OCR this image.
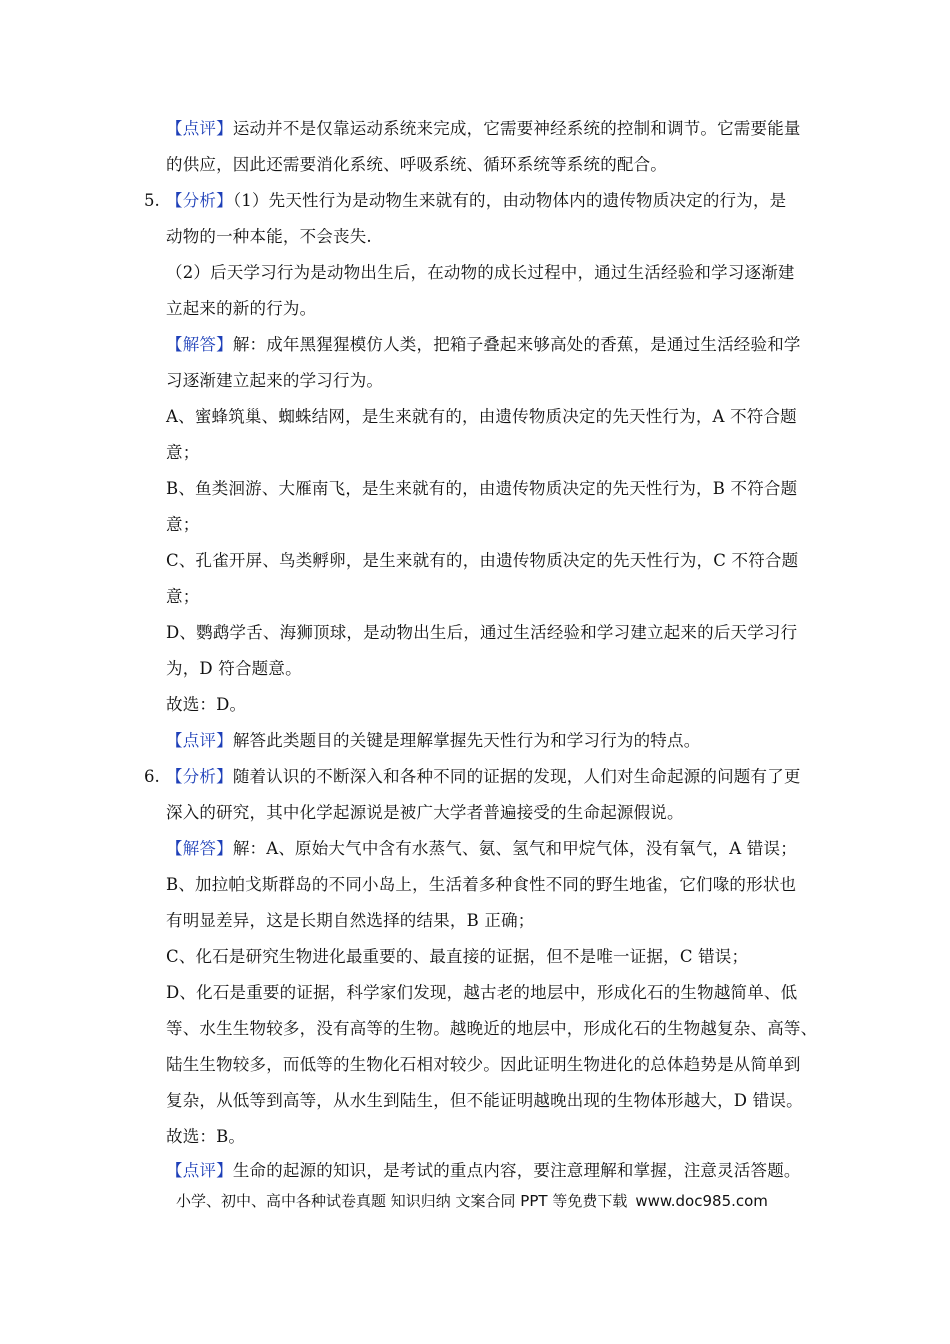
【点评】运动并不是仅靠运动系统来完成，它需要神经系统的控制和调节。它需要能量
的供应，因此还需要消化系统、呼吸系统、循环系统等系统的配合。
5. 【分析】（1）先天性行为是动物生来就有的，由动物体内的遗传物质决定的行为，是
动物的一种本能，不会丧失.
（2）后天学习行为是动物出生后，在动物的成长过程中，通过生活经验和学习逐渐建
立起来的新的行为。
【解答】解：成年黑猩猩模仿人类，把箱子叠起来够高处的香蕉，是通过生活经验和学
习逐渐建立起来的学习行为。
A、蜜蜂筑巢、蜘蛛结网，是生来就有的，由遗传物质决定的先天性行为，A 不符合题
意；
B、鱼类洄游、大雁南飞，是生来就有的，由遗传物质决定的先天性行为，B 不符合题
意；
C、孔雀开屏、鸟类孵卵，是生来就有的，由遗传物质决定的先天性行为，C 不符合题
意；
D、鹦鹉学舌、海狮顶球，是动物出生后，通过生活经验和学习建立起来的后天学习行
为，D 符合题意。
故选：D。
【点评】解答此类题目的关键是理解掌握先天性行为和学习行为的特点。
6. 【分析】随着认识的不断深入和各种不同的证据的发现，人们对生命起源的问题有了更
深入的研究，其中化学起源说是被广大学者普遍接受的生命起源假说。
【解答】解：A、原始大气中含有水蒸气、氨、氢气和甲烷气体，没有氧气，A 错误；
B、加拉帕戈斯群岛的不同小岛上，生活着多种食性不同的野生地雀，它们喙的形状也
有明显差异，这是长期自然选择的结果，B 正确；
C、化石是研究生物进化最重要的、最直接的证据，但不是唯一证据，C 错误；
D、化石是重要的证据，科学家们发现，越古老的地层中，形成化石的生物越简单、低
等、水生生物较多，没有高等的生物。越晚近的地层中，形成化石的生物越复杂、高等、
陆生生物较多，而低等的生物化石相对较少。因此证明生物进化的总体趋势是从简单到
复杂，从低等到高等，从水生到陆生，但不能证明越晚出现的生物体形越大，D 错误。
故选：B。
【点评】生命的起源的知识，是考试的重点内容，要注意理解和掌握，注意灵活答题。
小学、初中、高中各种试卷真题 知识归纳 文案合同 PPT 等免费下载 www.doc985.com
